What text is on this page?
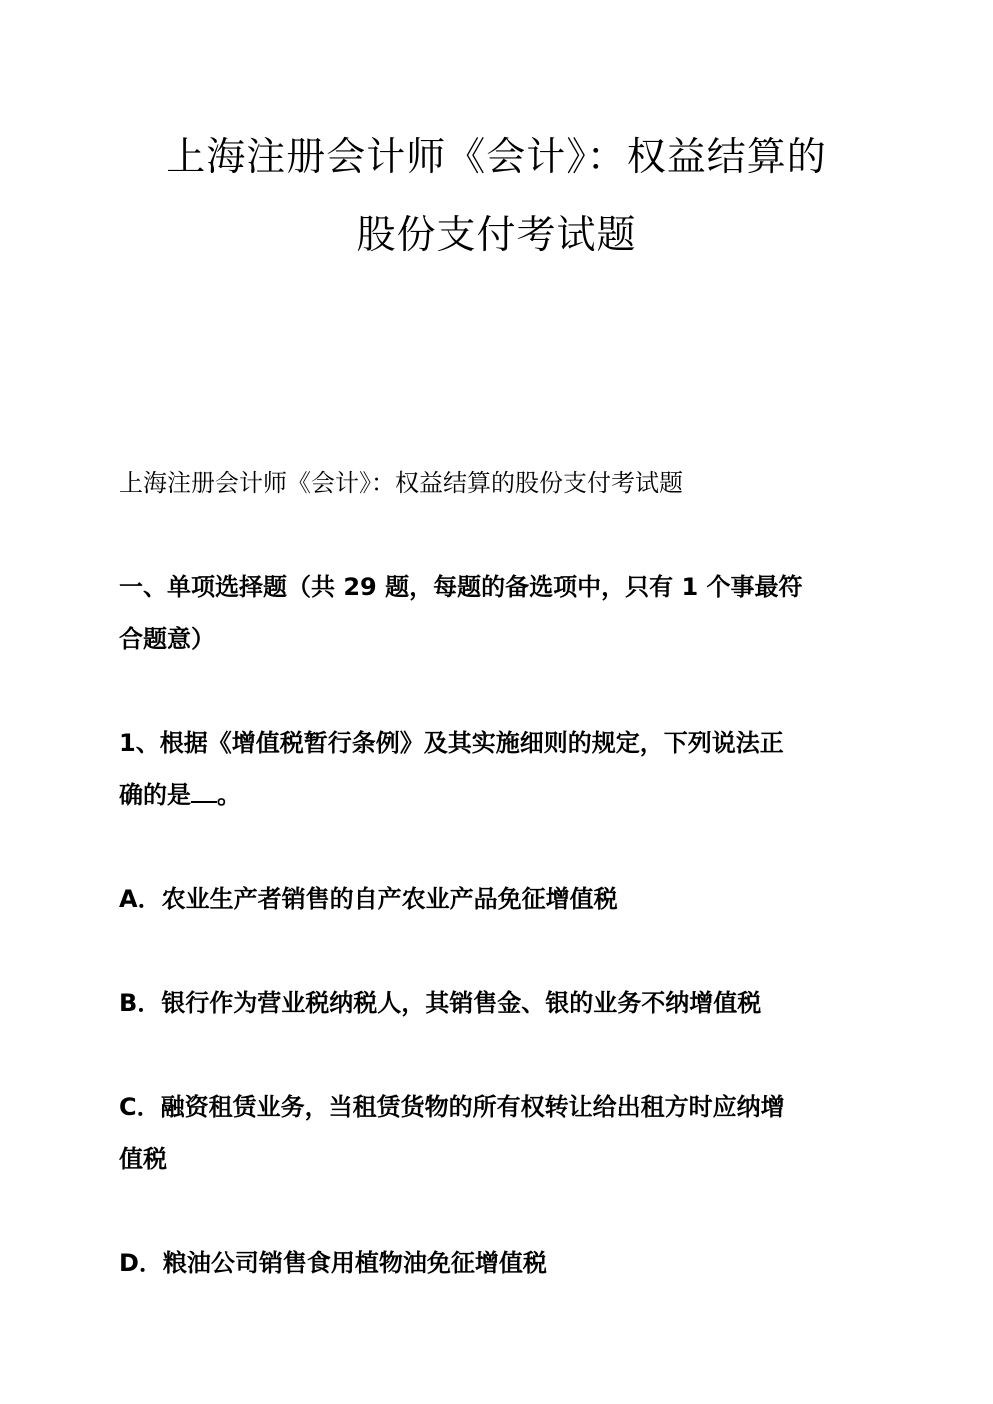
上海注册会计师《会计》：权益结算的
股份支付考试题
上海注册会计师《会计》：权益结算的股份支付考试题
一、单项选择题（共 29 题，每题的备选项中，只有 1 个事最符
合题意）
1、根据《增值税暂行条例》及其实施细则的规定，下列说法正
确的是 。
A．农业生产者销售的自产农业产品免征增值税
B．银行作为营业税纳税人，其销售金、银的业务不纳增值税
C．融资租赁业务，当租赁货物的所有权转让给出租方时应纳增
值税
D．粮油公司销售食用植物油免征增值税
